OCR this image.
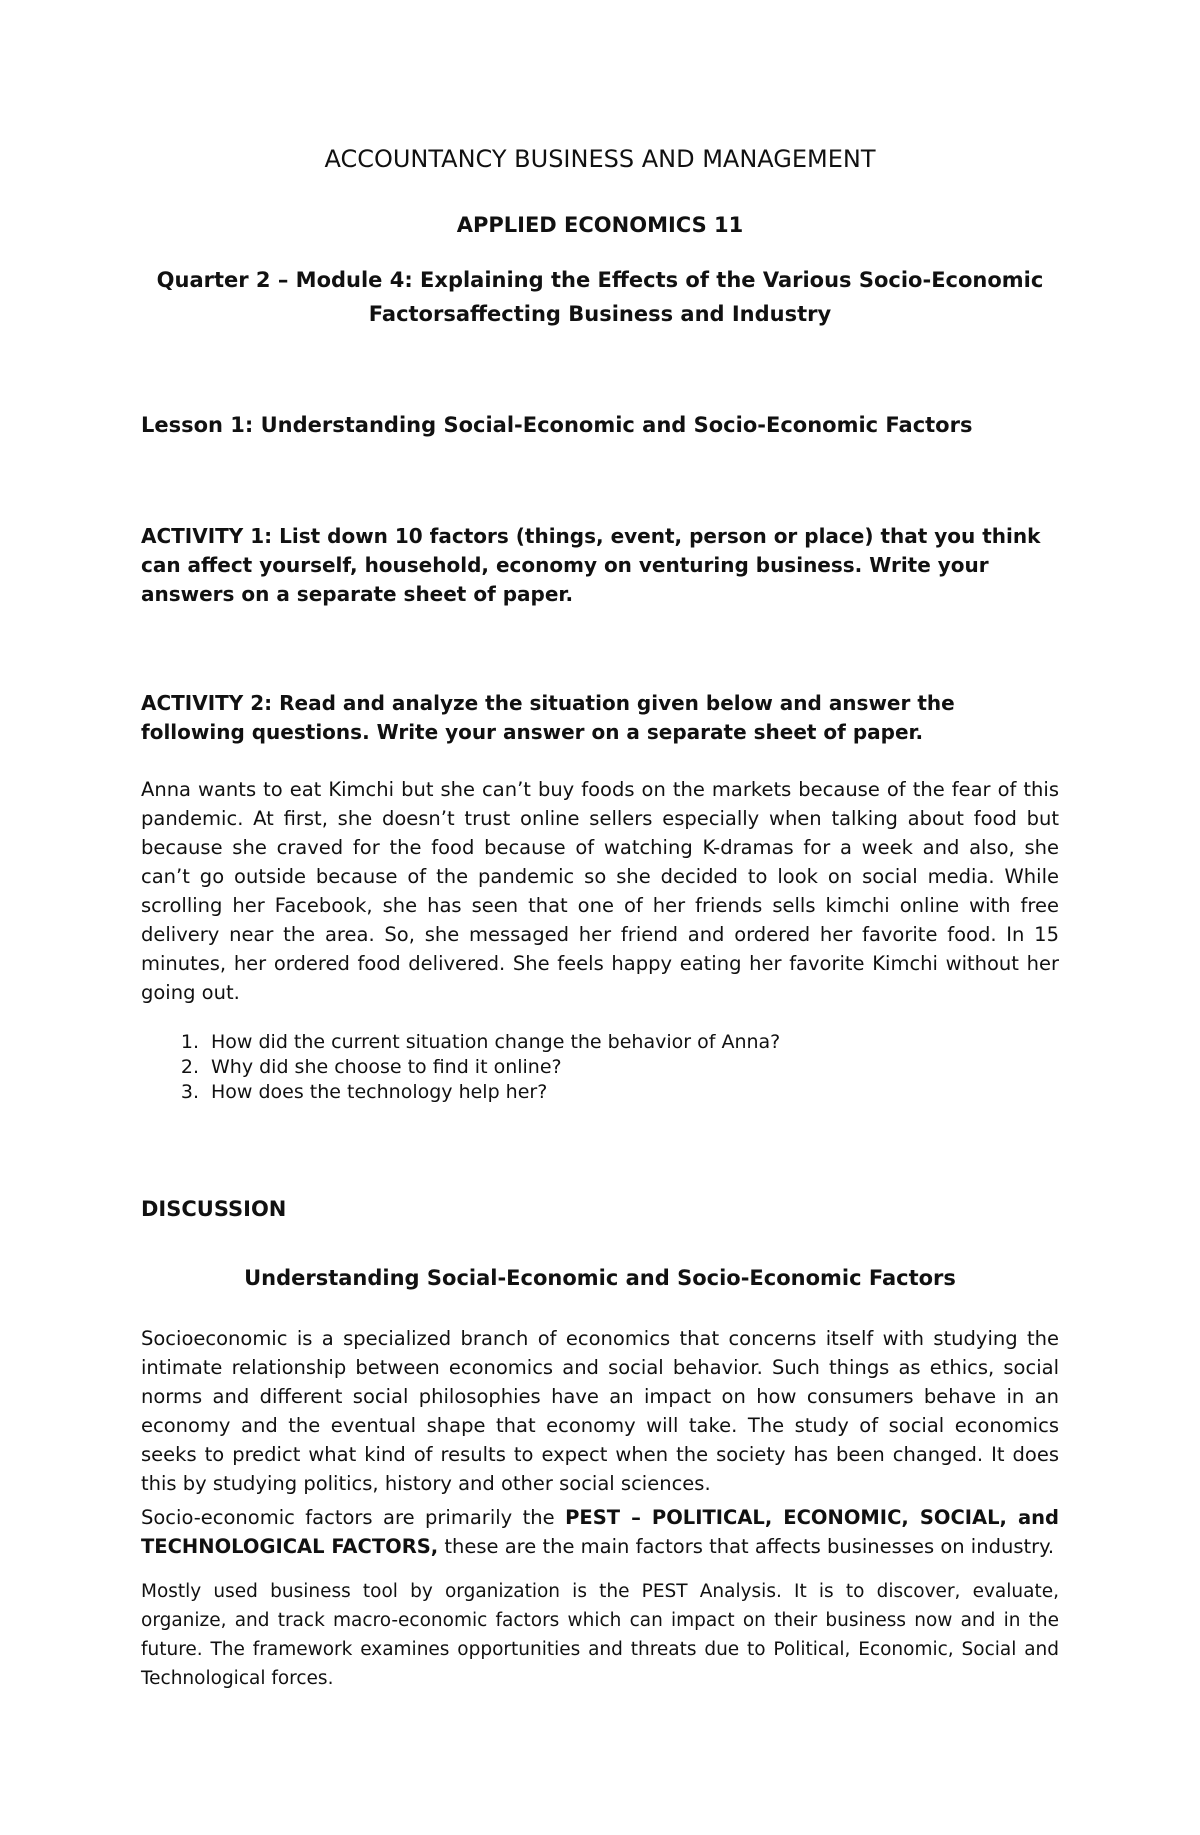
ACCOUNTANCY BUSINESS AND MANAGEMENT
APPLIED ECONOMICS 11
Quarter 2 – Module 4: Explaining the Effects of the Various Socio-Economic
Factorsaffecting Business and Industry
Lesson 1: Understanding Social-Economic and Socio-Economic Factors
ACTIVITY 1: List down 10 factors (things, event, person or place) that you think can affect yourself, household, economy on venturing business. Write your answers on a separate sheet of paper.
ACTIVITY 2: Read and analyze the situation given below and answer the following questions. Write your answer on a separate sheet of paper.
Anna wants to eat Kimchi but she can’t buy foods on the markets because of the fear of this pandemic. At first, she doesn’t trust online sellers especially when talking about food but because she craved for the food because of watching K-dramas for a week and also, she can’t go outside because of the pandemic so she decided to look on social media. While scrolling her Facebook, she has seen that one of her friends sells kimchi online with free delivery near the area. So, she messaged her friend and ordered her favorite food. In 15 minutes, her ordered food delivered. She feels happy eating her favorite Kimchi without her going out.
1. How did the current situation change the behavior of Anna?
2. Why did she choose to find it online?
3. How does the technology help her?
DISCUSSION
Understanding Social-Economic and Socio-Economic Factors

Socioeconomic is a specialized branch of economics that concerns itself with studying the intimate relationship between economics and social behavior. Such things as ethics, social norms and different social philosophies have an impact on how consumers behave in an economy and the eventual shape that economy will take. The study of social economics seeks to predict what kind of results to expect when the society has been changed. It does this by studying politics, history and other social sciences.

Socio-economic factors are primarily the PEST – POLITICAL, ECONOMIC, SOCIAL, and TECHNOLOGICAL FACTORS, these are the main factors that affects businesses on industry.

Mostly used business tool by organization is the PEST Analysis. It is to discover, evaluate, organize, and track macro-economic factors which can impact on their business now and in the future. The framework examines opportunities and threats due to Political, Economic, Social and Technological forces.
